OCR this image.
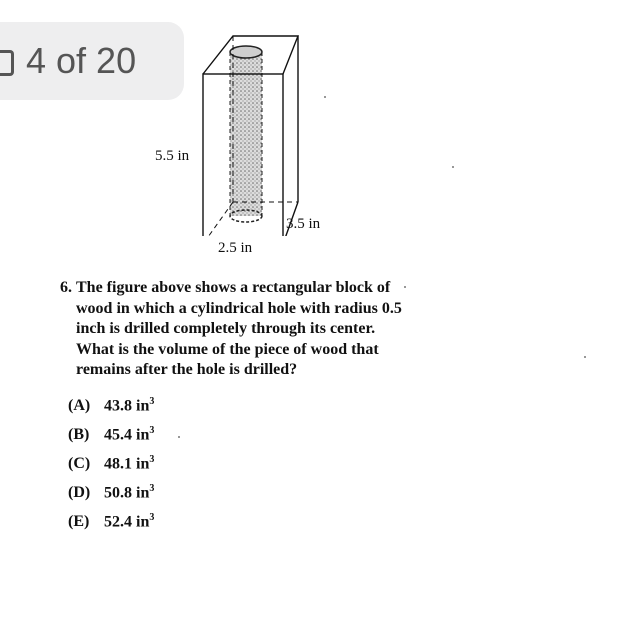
4 of 20
5.5 in
3.5 in
2.5 in
6. The figure above shows a rectangular block of wood in which a cylindrical hole with radius 0.5 inch is drilled completely through its center. What is the volume of the piece of wood that remains after the hole is drilled?
(A) 43.8 $in^3$
(B) 45.4 $in^3$
(C) 48.1 $in^3$
(D) 50.8 $in^3$
(E) 52.4 $in^3$
